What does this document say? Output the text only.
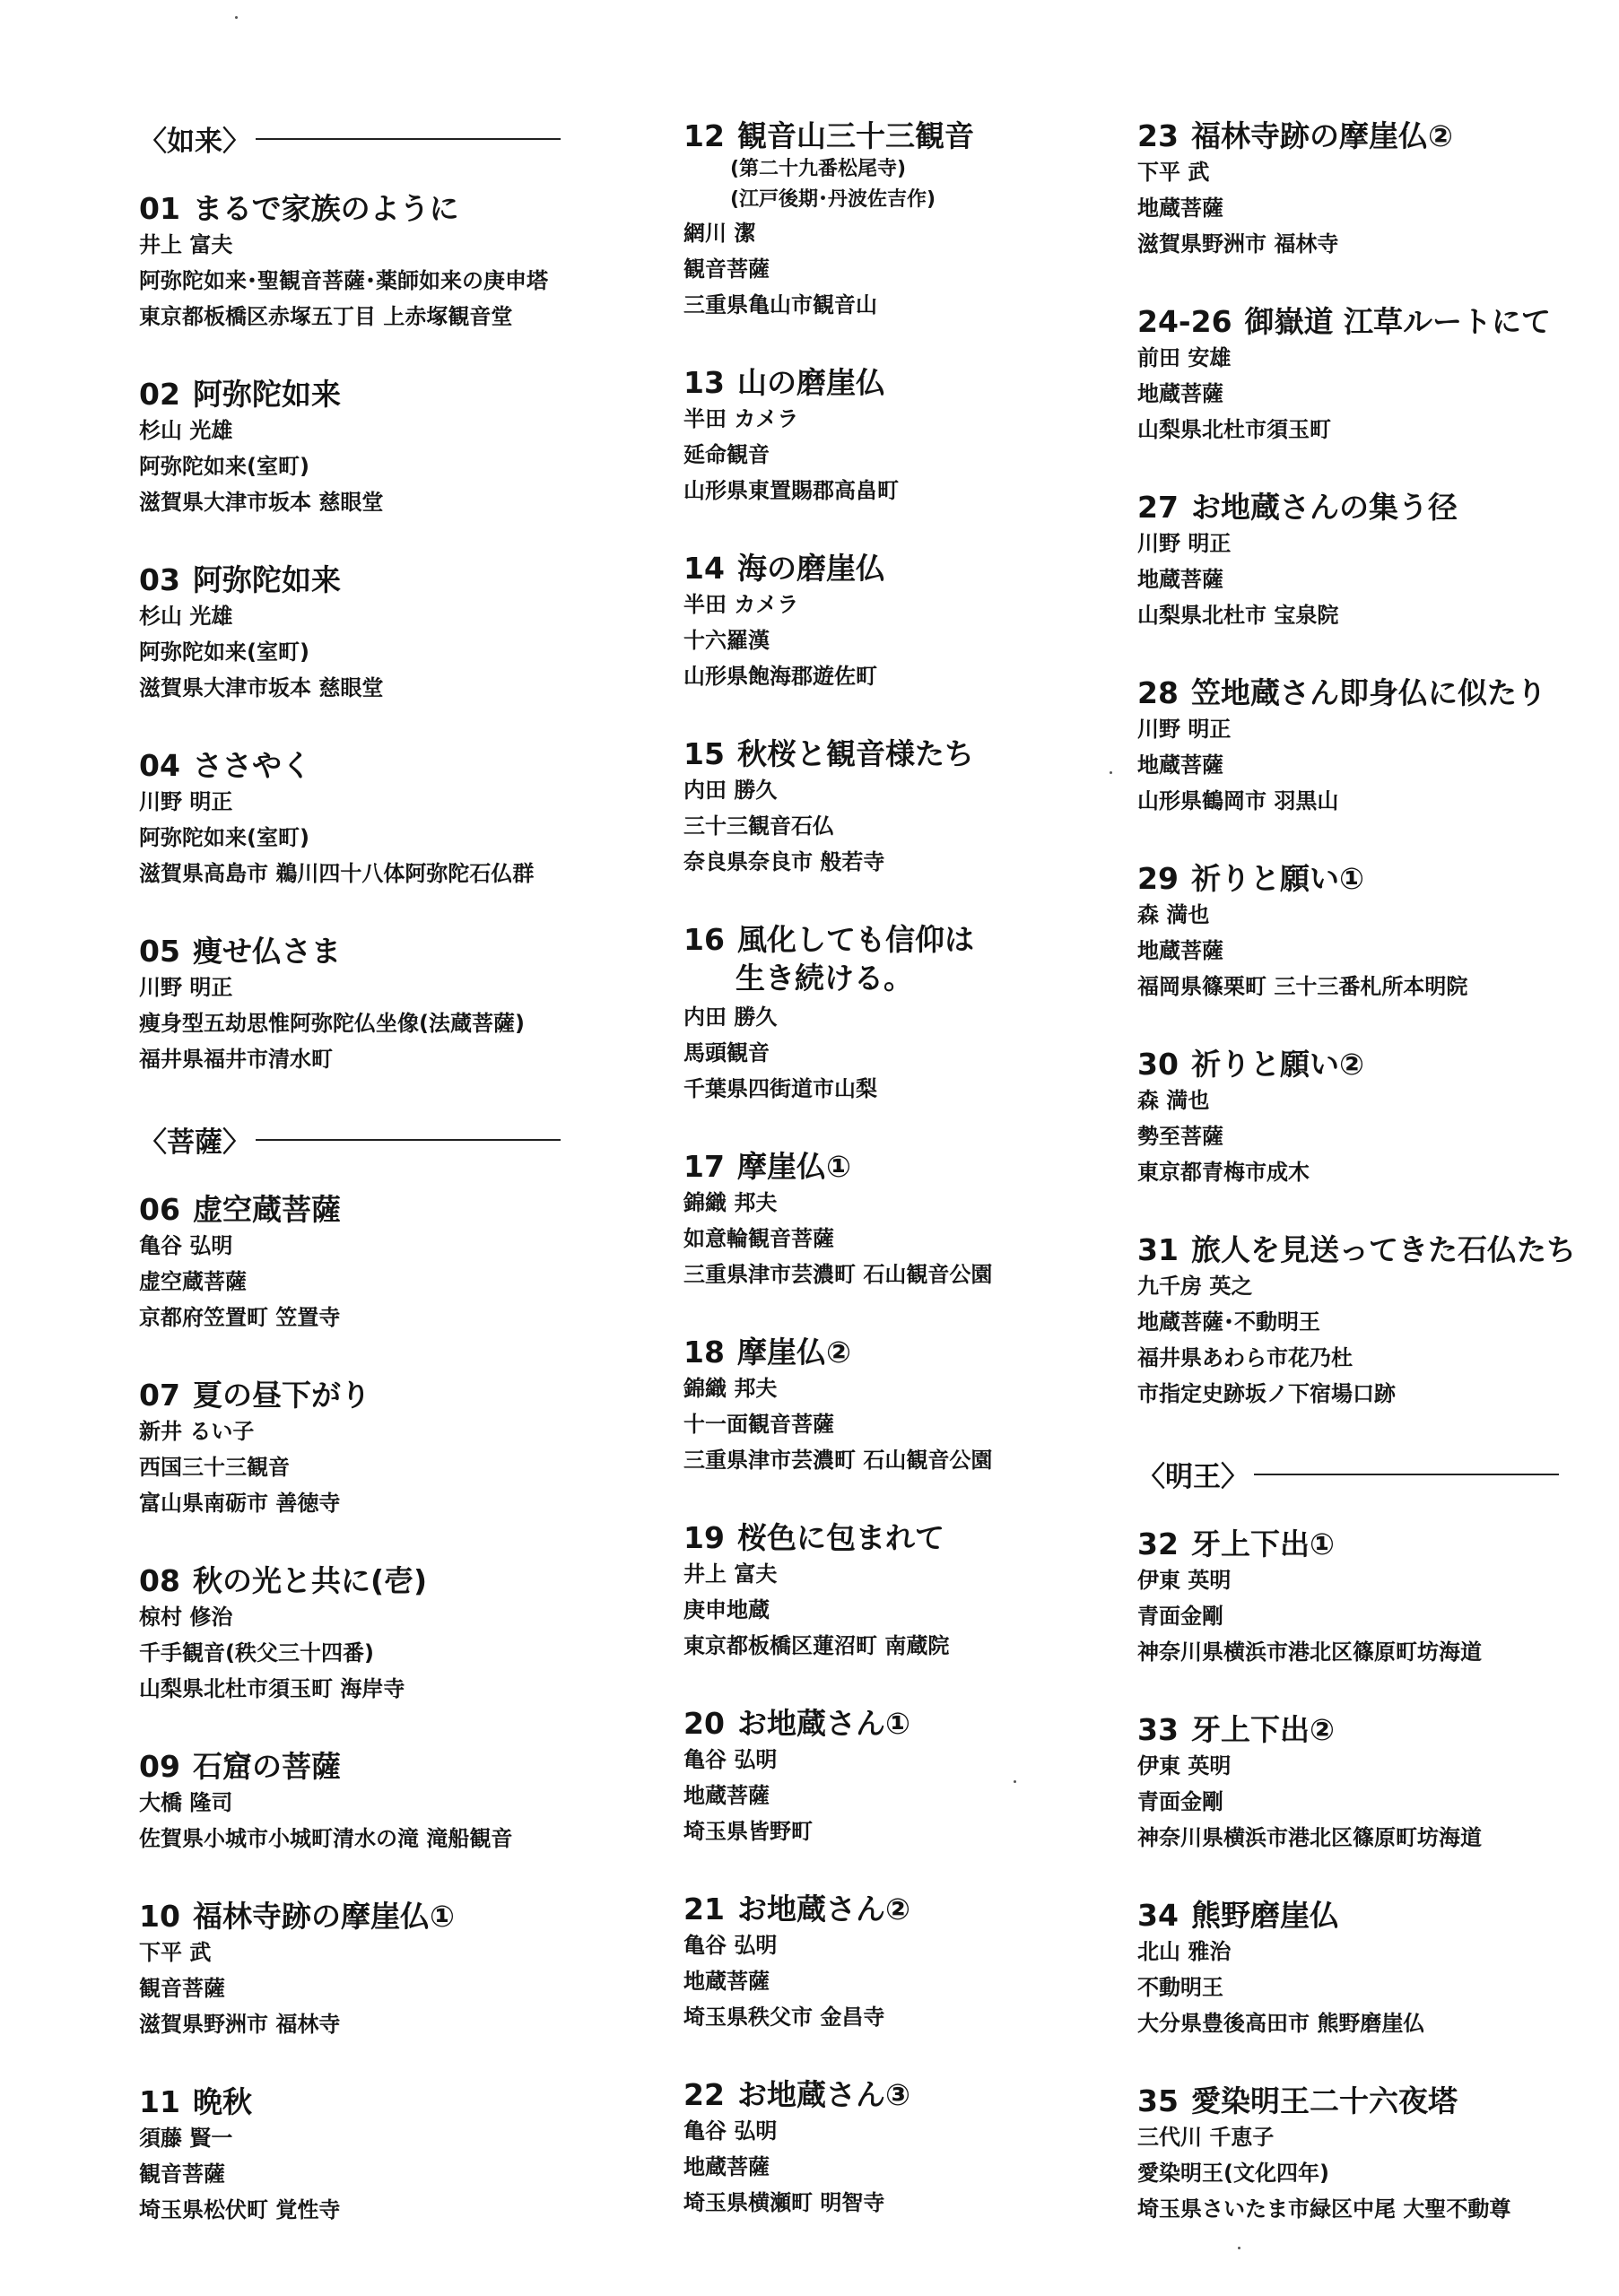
〈如来〉
01 まるで家族のように
井上 富夫
阿弥陀如来･聖観音菩薩･薬師如来の庚申塔
東京都板橋区赤塚五丁目 上赤塚観音堂
02 阿弥陀如来
杉山 光雄
阿弥陀如来(室町)
滋賀県大津市坂本 慈眼堂
03 阿弥陀如来
杉山 光雄
阿弥陀如来(室町)
滋賀県大津市坂本 慈眼堂
04 ささやく
川野 明正
阿弥陀如来(室町)
滋賀県高島市 鵜川四十八体阿弥陀石仏群
05 痩せ仏さま
川野 明正
痩身型五劫思惟阿弥陀仏坐像(法蔵菩薩)
福井県福井市清水町
〈菩薩〉
06 虚空蔵菩薩
亀谷 弘明
虚空蔵菩薩
京都府笠置町 笠置寺
07 夏の昼下がり
新井 るい子
西国三十三観音
富山県南砺市 善徳寺
08 秋の光と共に(壱)
椋村 修治
千手観音(秩父三十四番)
山梨県北杜市須玉町 海岸寺
09 石窟の菩薩
大橋 隆司
佐賀県小城市小城町清水の滝 滝船観音
10 福林寺跡の摩崖仏①
下平 武
観音菩薩
滋賀県野洲市 福林寺
11 晩秋
須藤 賢一
観音菩薩
埼玉県松伏町 覚性寺
12 観音山三十三観音
(第二十九番松尾寺)
(江戸後期･丹波佐吉作)
網川 潔
観音菩薩
三重県亀山市観音山
13 山の磨崖仏
半田 カメラ
延命観音
山形県東置賜郡高畠町
14 海の磨崖仏
半田 カメラ
十六羅漢
山形県飽海郡遊佐町
15 秋桜と観音様たち
内田 勝久
三十三観音石仏
奈良県奈良市 般若寺
16 風化しても信仰は
生き続ける。
内田 勝久
馬頭観音
千葉県四街道市山梨
17 摩崖仏①
錦織 邦夫
如意輪観音菩薩
三重県津市芸濃町 石山観音公園
18 摩崖仏②
錦織 邦夫
十一面観音菩薩
三重県津市芸濃町 石山観音公園
19 桜色に包まれて
井上 富夫
庚申地蔵
東京都板橋区蓮沼町 南蔵院
20 お地蔵さん①
亀谷 弘明
地蔵菩薩
埼玉県皆野町
21 お地蔵さん②
亀谷 弘明
地蔵菩薩
埼玉県秩父市 金昌寺
22 お地蔵さん③
亀谷 弘明
地蔵菩薩
埼玉県横瀬町 明智寺
23 福林寺跡の摩崖仏②
下平 武
地蔵菩薩
滋賀県野洲市 福林寺
24-26 御嶽道 江草ルートにて
前田 安雄
地蔵菩薩
山梨県北杜市須玉町
27 お地蔵さんの集う径
川野 明正
地蔵菩薩
山梨県北杜市 宝泉院
28 笠地蔵さん即身仏に似たり
川野 明正
地蔵菩薩
山形県鶴岡市 羽黒山
29 祈りと願い①
森 満也
地蔵菩薩
福岡県篠栗町 三十三番札所本明院
30 祈りと願い②
森 満也
勢至菩薩
東京都青梅市成木
31 旅人を見送ってきた石仏たち
九千房 英之
地蔵菩薩･不動明王
福井県あわら市花乃杜
市指定史跡坂ノ下宿場口跡
〈明王〉
32 牙上下出①
伊東 英明
青面金剛
神奈川県横浜市港北区篠原町坊海道
33 牙上下出②
伊東 英明
青面金剛
神奈川県横浜市港北区篠原町坊海道
34 熊野磨崖仏
北山 雅治
不動明王
大分県豊後高田市 熊野磨崖仏
35 愛染明王二十六夜塔
三代川 千恵子
愛染明王(文化四年)
埼玉県さいたま市緑区中尾 大聖不動尊
